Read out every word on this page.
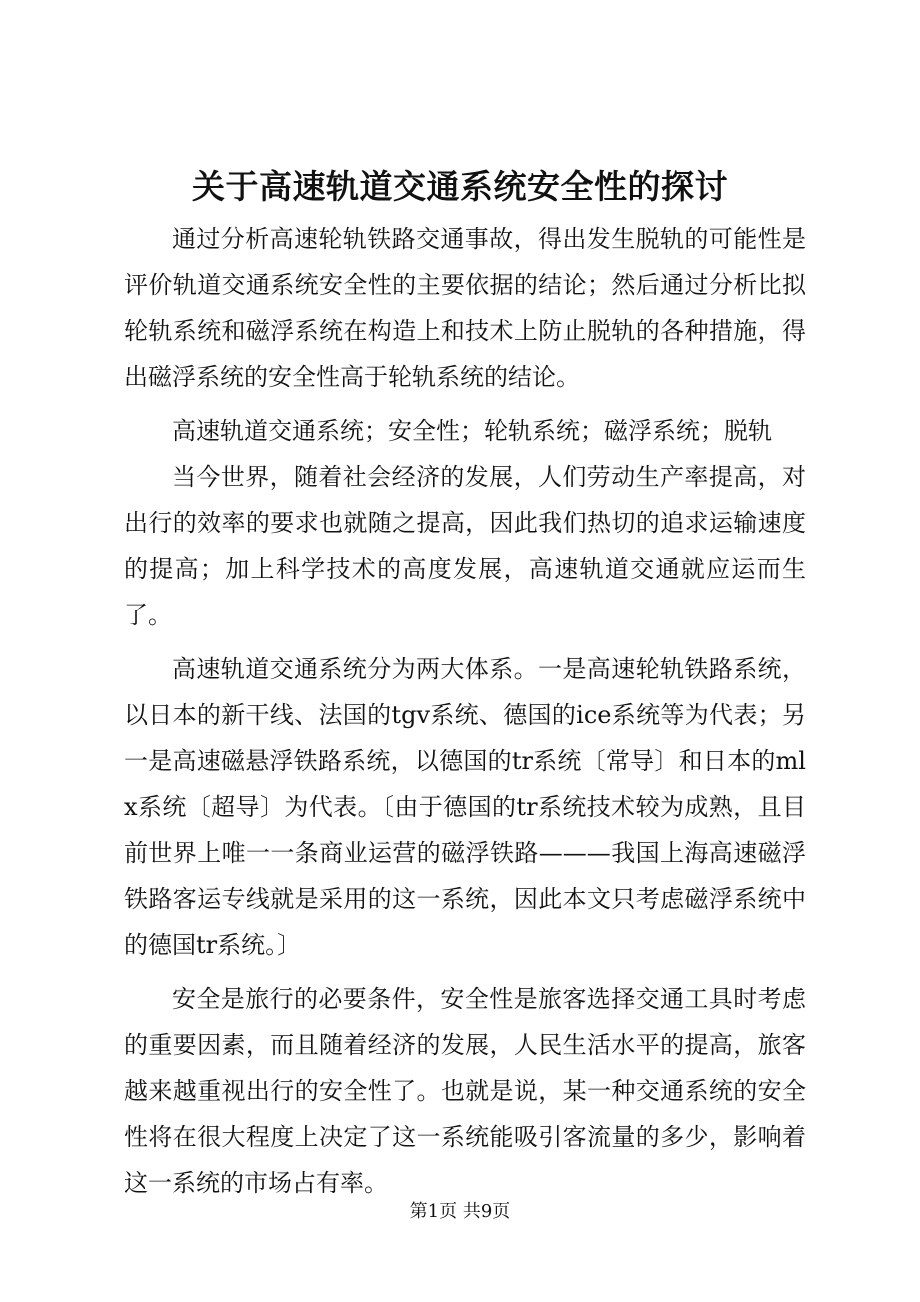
关于高速轨道交通系统安全性的探讨

通过分析高速轮轨铁路交通事故，得出发生脱轨的可能性是评价轨道交通系统安全性的主要依据的结论；然后通过分析比拟轮轨系统和磁浮系统在构造上和技术上防止脱轨的各种措施，得出磁浮系统的安全性高于轮轨系统的结论。

高速轨道交通系统；安全性；轮轨系统；磁浮系统；脱轨

当今世界，随着社会经济的发展，人们劳动生产率提高，对出行的效率的要求也就随之提高，因此我们热切的追求运输速度的提高；加上科学技术的高度发展，高速轨道交通就应运而生了。

高速轨道交通系统分为两大体系。一是高速轮轨铁路系统，以日本的新干线、法国的tgv系统、德国的ice系统等为代表；另一是高速磁悬浮铁路系统，以德国的tr系统〔常导〕和日本的mlx系统〔超导〕为代表。〔由于德国的tr系统技术较为成熟，且目前世界上唯一一条商业运营的磁浮铁路———我国上海高速磁浮铁路客运专线就是采用的这一系统，因此本文只考虑磁浮系统中的德国tr系统。〕

安全是旅行的必要条件，安全性是旅客选择交通工具时考虑的重要因素，而且随着经济的发展，人民生活水平的提高，旅客越来越重视出行的安全性了。也就是说，某一种交通系统的安全性将在很大程度上决定了这一系统能吸引客流量的多少，影响着这一系统的市场占有率。

第1页 共9页
